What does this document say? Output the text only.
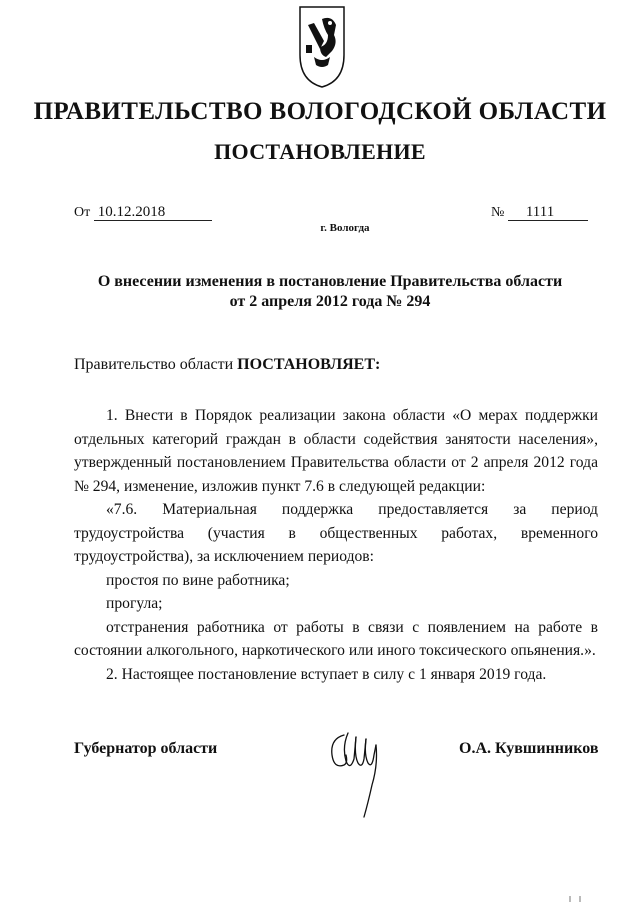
ПРАВИТЕЛЬСТВО ВОЛОГОДСКОЙ ОБЛАСТИ
ПОСТАНОВЛЕНИЕ
От 10.12.2018	№ 1111
г. Вологда
О внесении изменения в постановление Правительства области
от 2 апреля 2012 года № 294
Правительство области ПОСТАНОВЛЯЕТ:

1. Внести в Порядок реализации закона области «О мерах поддержки отдельных категорий граждан в области содействия занятости населения», утвержденный постановлением Правительства области от 2 апреля 2012 года № 294, изменение, изложив пункт 7.6 в следующей редакции:

«7.6. Материальная поддержка предоставляется за период трудоустройства (участия в общественных работах, временного трудоустройства), за исключением периодов:

простоя по вине работника;

прогула;

отстранения работника от работы в связи с появлением на работе в состоянии алкогольного, наркотического или иного токсического опьянения.».

2. Настоящее постановление вступает в силу с 1 января 2019 года.

Губернатор области	О.А. Кувшинников
